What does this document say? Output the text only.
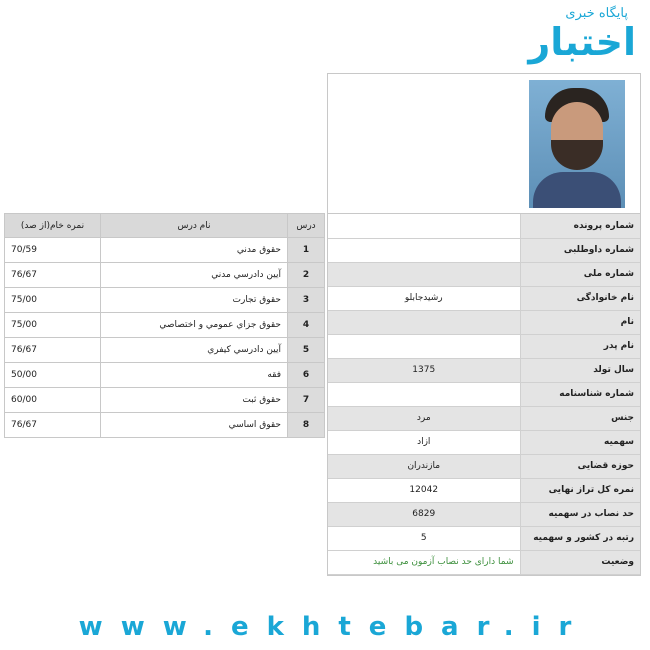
پایگاه خبری
اختبار
شماره پرونده	
شماره داوطلبی	
شماره ملی	
نام خانوادگی	رشیدجابلو
نام	
نام پدر	
سال تولد	1375
شماره شناسنامه	
جنس	مرد
سهمیه	ازاد
حوزه قضایی	مازندران
نمره کل تراز نهایی	12042
حد نصاب در سهمیه	6829
رتبه در کشور و سهمیه	5
وضعیت	شما دارای حد نصاب آزمون می باشید
درس	نام درس	نمره خام(از صد)
1	حقوق مدني	70/59
2	آيين دادرسي مدني	76/67
3	حقوق تجارت	75/00
4	حقوق جزاي عمومي و اختصاصي	75/00
5	آيين دادرسي كيفري	76/67
6	فقه	50/00
7	حقوق ثبت	60/00
8	حقوق اساسي	76/67
www.ekhtebar.ir
